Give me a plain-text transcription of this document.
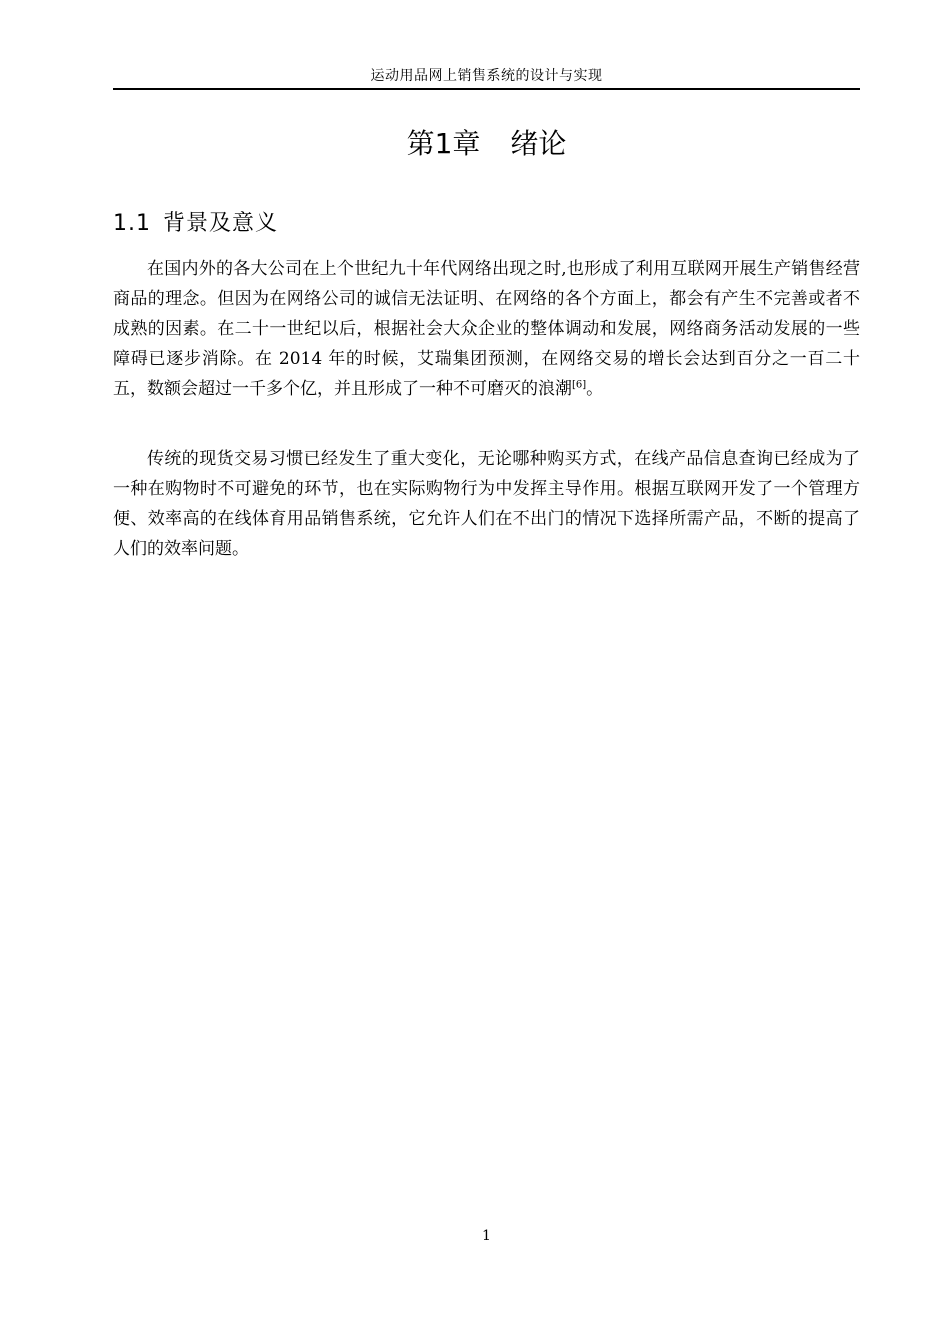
运动用品网上销售系统的设计与实现
第1章 绪论
1.1 背景及意义

在国内外的各大公司在上个世纪九十年代网络出现之时,也形成了利用互联网开展生产销售经营商品的理念。但因为在网络公司的诚信无法证明、在网络的各个方面上，都会有产生不完善或者不成熟的因素。在二十一世纪以后，根据社会大众企业的整体调动和发展，网络商务活动发展的一些障碍已逐步消除。在 2014 年的时候，艾瑞集团预测，在网络交易的增长会达到百分之一百二十五，数额会超过一千多个亿，并且形成了一种不可磨灭的浪潮[6]。

传统的现货交易习惯已经发生了重大变化，无论哪种购买方式，在线产品信息查询已经成为了一种在购物时不可避免的环节，也在实际购物行为中发挥主导作用。根据互联网开发了一个管理方便、效率高的在线体育用品销售系统，它允许人们在不出门的情况下选择所需产品，不断的提高了人们的效率问题。

1
